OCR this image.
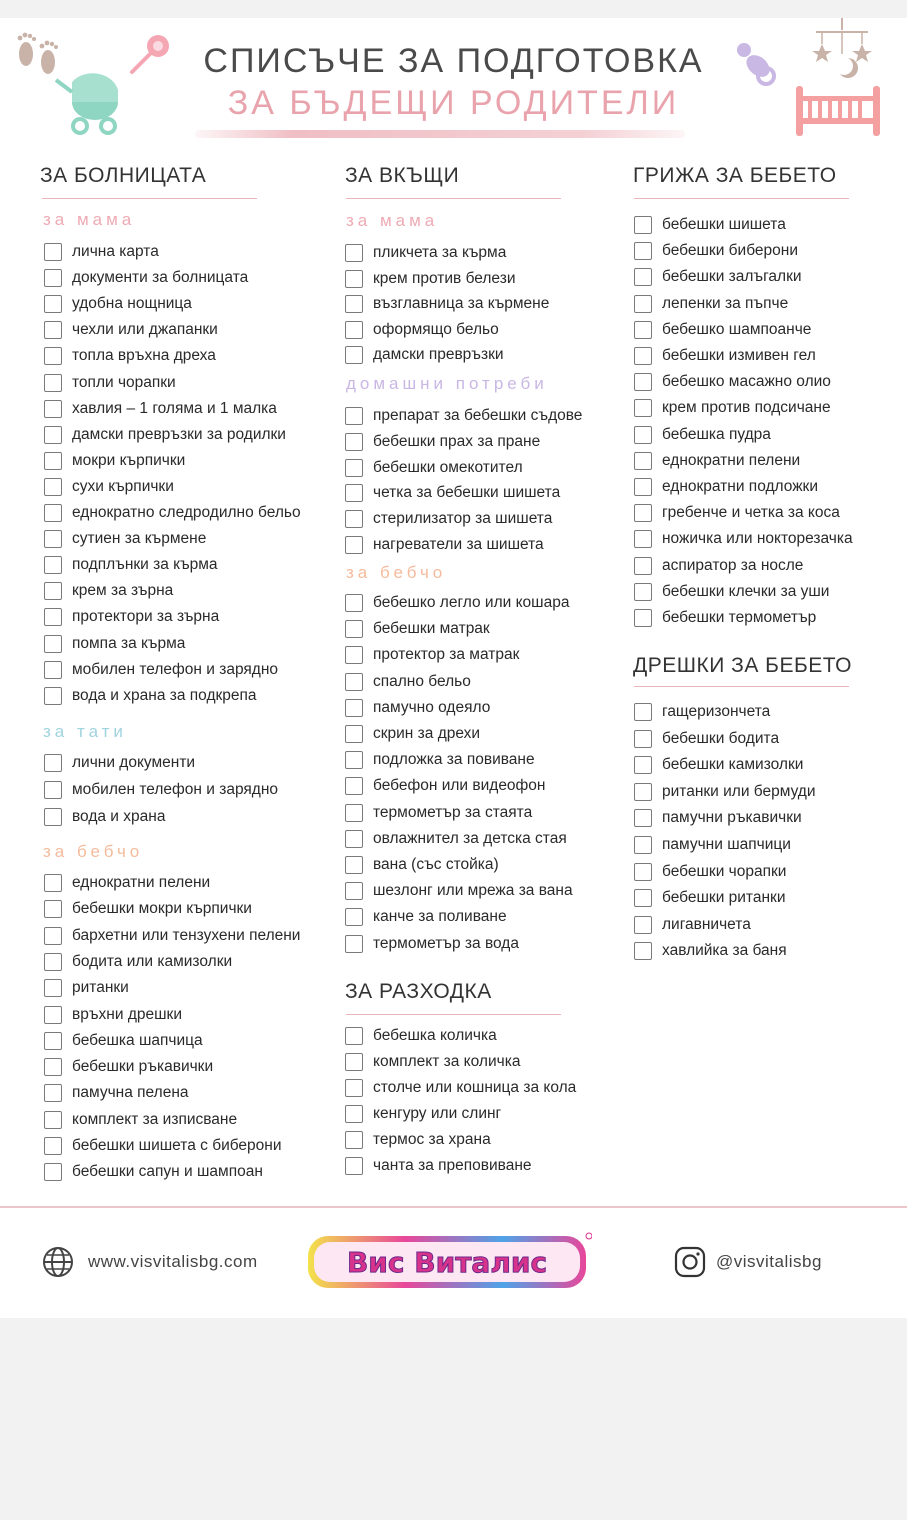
СПИСЪЧЕ ЗА ПОДГОТОВКА
ЗА БЪДЕЩИ РОДИТЕЛИ
ЗА БОЛНИЦАТА
за мама
лична карта
документи за болницата
удобна нощница
чехли или джапанки
топла връхна дреха
топли чорапки
хавлия – 1 голяма и 1 малка
дамски превръзки за родилки
мокри кърпички
сухи кърпички
еднократно следродилно бельо
сутиен за кърмене
подплънки за кърма
крем за зърна
протектори за зърна
помпа за кърма
мобилен телефон и зарядно
вода и храна за подкрепа
за тати
лични документи
мобилен телефон и зарядно
вода и храна
за бебчо
еднократни пелени
бебешки мокри кърпички
бархетни или тензухени пелени
бодита или камизолки
ританки
връхни дрешки
бебешка шапчица
бебешки ръкавички
памучна пелена
комплект за изписване
бебешки шишета с биберони
бебешки сапун и шампоан
ЗА ВКЪЩИ
за мама
пликчета за кърма
крем против белези
възглавница за кърмене
оформящо бельо
дамски превръзки
домашни потреби
препарат за бебешки съдове
бебешки прах за пране
бебешки омекотител
четка за бебешки шишета
стерилизатор за шишета
нагреватели за шишета
за бебчо
бебешко легло или кошара
бебешки матрак
протектор за матрак
спално бельо
памучно одеяло
скрин за дрехи
подложка за повиване
бебефон или видеофон
термометър за стаята
овлажнител за детска стая
вана (със стойка)
шезлонг или мрежа за вана
канче за поливане
термометър за вода
ЗА РАЗХОДКА
бебешка количка
комплект за количка
столче или кошница за кола
кенгуру или слинг
термос за храна
чанта за преповиване
ГРИЖА ЗА БЕБЕТО
бебешки шишета
бебешки биберони
бебешки залъгалки
лепенки за пъпче
бебешко шампоанче
бебешки измивен гел
бебешко масажно олио
крем против подсичане
бебешка пудра
еднократни пелени
еднократни подложки
гребенче и четка за коса
ножичка или нокторезачка
аспиратор за носле
бебешки клечки за уши
бебешки термометър
ДРЕШКИ ЗА БЕБЕТО
гащеризончета
бебешки бодита
бебешки камизолки
ританки или бермуди
памучни ръкавички
памучни шапчици
бебешки чорапки
бебешки ританки
лигавничета
хавлийка за баня
www.visvitalisbg.com	Вис Виталис	@visvitalisbg
